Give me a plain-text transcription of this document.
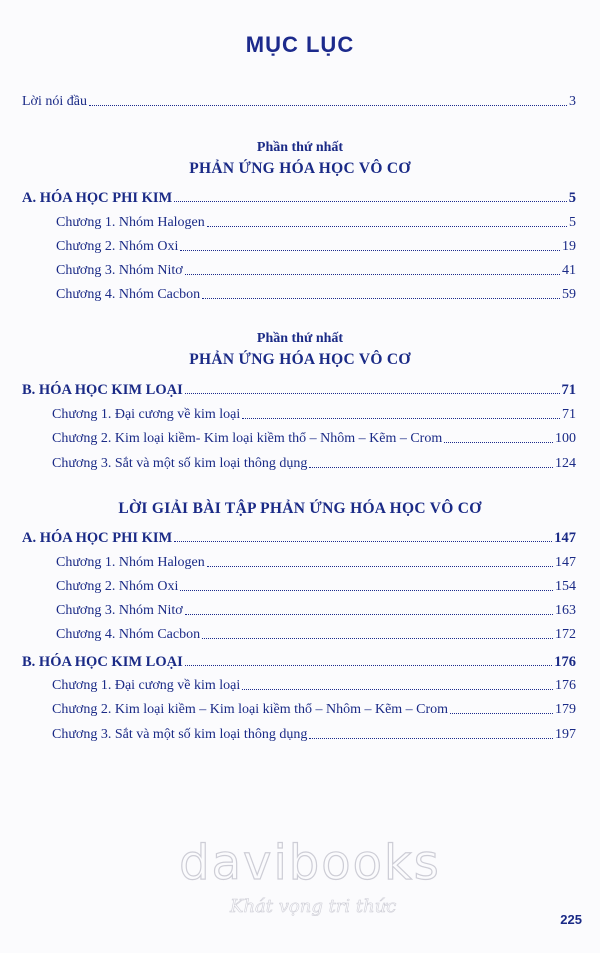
MỤC LỤC
Lời nói đầu	3
Phần thứ nhất
PHẢN ỨNG HÓA HỌC VÔ CƠ
A. HÓA HỌC PHI KIM	5
Chương 1. Nhóm Halogen	5
Chương 2. Nhóm Oxi	19
Chương 3. Nhóm Nitơ	41
Chương 4. Nhóm Cacbon	59
Phần thứ nhất
PHẢN ỨNG HÓA HỌC VÔ CƠ
B. HÓA HỌC KIM LOẠI	71
Chương 1. Đại cương về kim loại	71
Chương 2. Kim loại kiềm- Kim loại kiềm thổ – Nhôm – Kẽm – Crom	100
Chương 3. Sắt và một số kim loại thông dụng	124
LỜI GIẢI BÀI TẬP PHẢN ỨNG HÓA HỌC VÔ CƠ
A. HÓA HỌC PHI KIM	147
Chương 1. Nhóm Halogen	147
Chương 2. Nhóm Oxi	154
Chương 3. Nhóm Nitơ	163
Chương 4. Nhóm Cacbon	172
B. HÓA HỌC KIM LOẠI	176
Chương 1. Đại cương về kim loại	176
Chương 2. Kim loại kiềm – Kim loại kiềm thổ – Nhôm – Kẽm – Crom	179
Chương 3. Sắt và một số kim loại thông dụng	197
davibooks
Khát vọng tri thức
225
